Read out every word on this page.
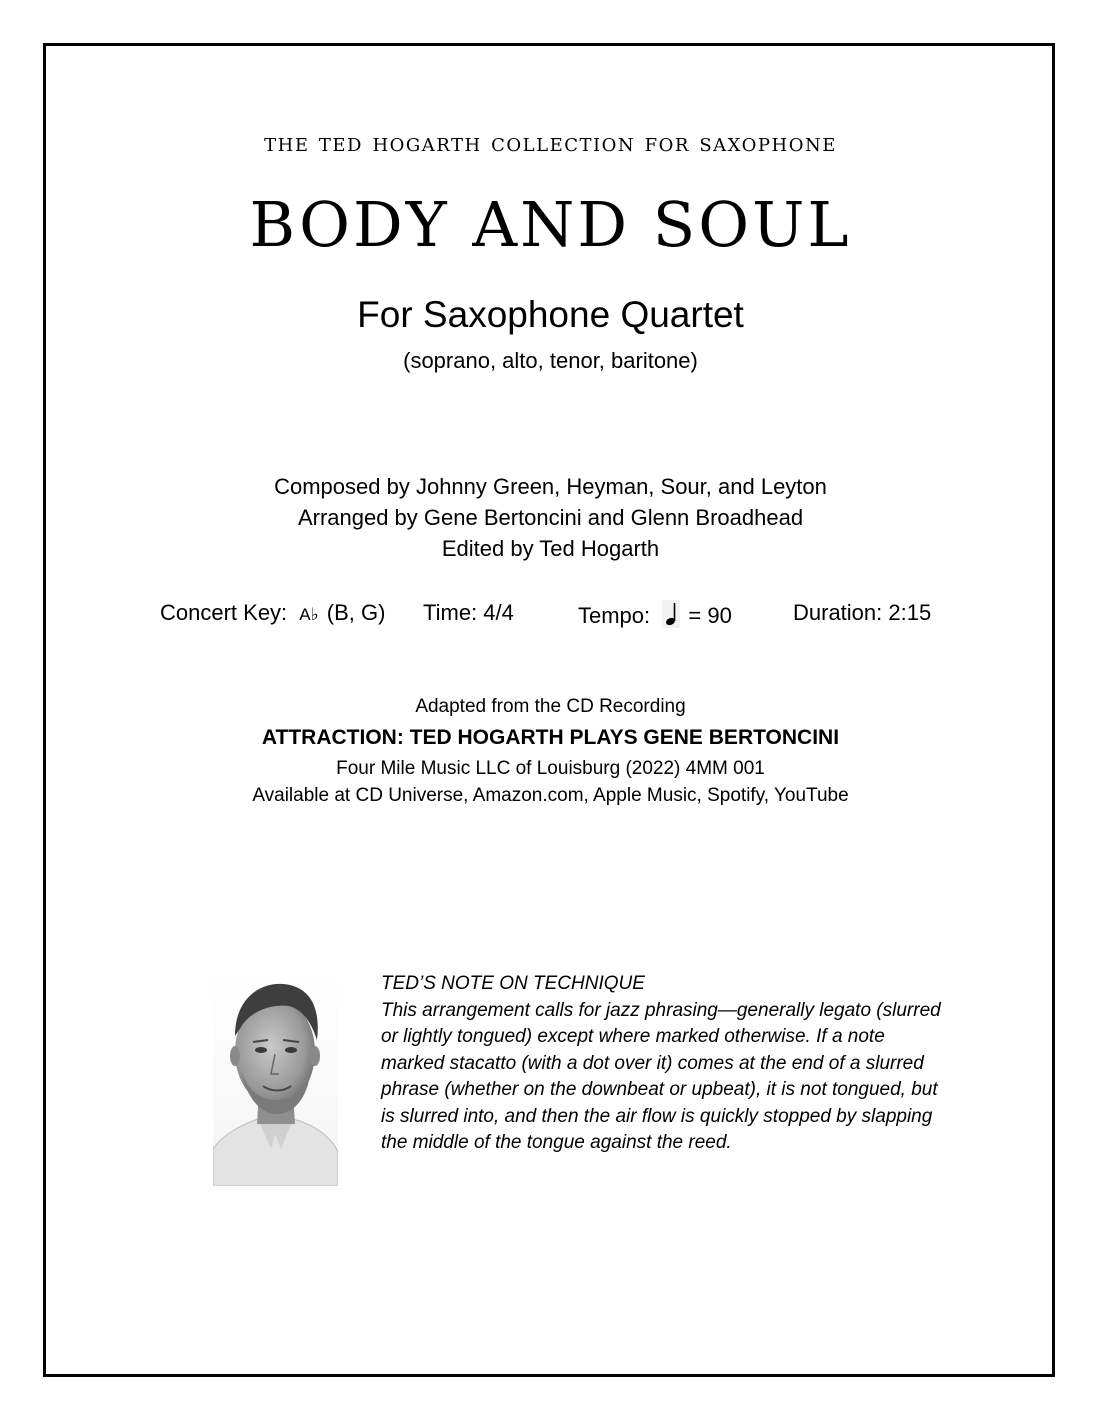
the ted hogarth collection for saxophone
BODY AND SOUL
For Saxophone Quartet
(soprano, alto, tenor, baritone)
Composed by Johnny Green, Heyman, Sour, and Leyton
Arranged by Gene Bertoncini and Glenn Broadhead
Edited by Ted Hogarth
Concert Key: A♭ (B, G) Time: 4/4	Tempo: = 90	Duration: 2:15
Adapted from the CD Recording
ATTRACTION: TED HOGARTH PLAYS GENE BERTONCINI
Four Mile Music LLC of Louisburg (2022) 4MM 001
Available at CD Universe, Amazon.com, Apple Music, Spotify, YouTube
TED’S NOTE ON TECHNIQUE
This arrangement calls for jazz phrasing—generally legato (slurred
or lightly tongued) except where marked otherwise. If a note
marked stacatto (with a dot over it) comes at the end of a slurred
phrase (whether on the downbeat or upbeat), it is not tongued, but
is slurred into, and then the air flow is quickly stopped by slapping
the middle of the tongue against the reed.
